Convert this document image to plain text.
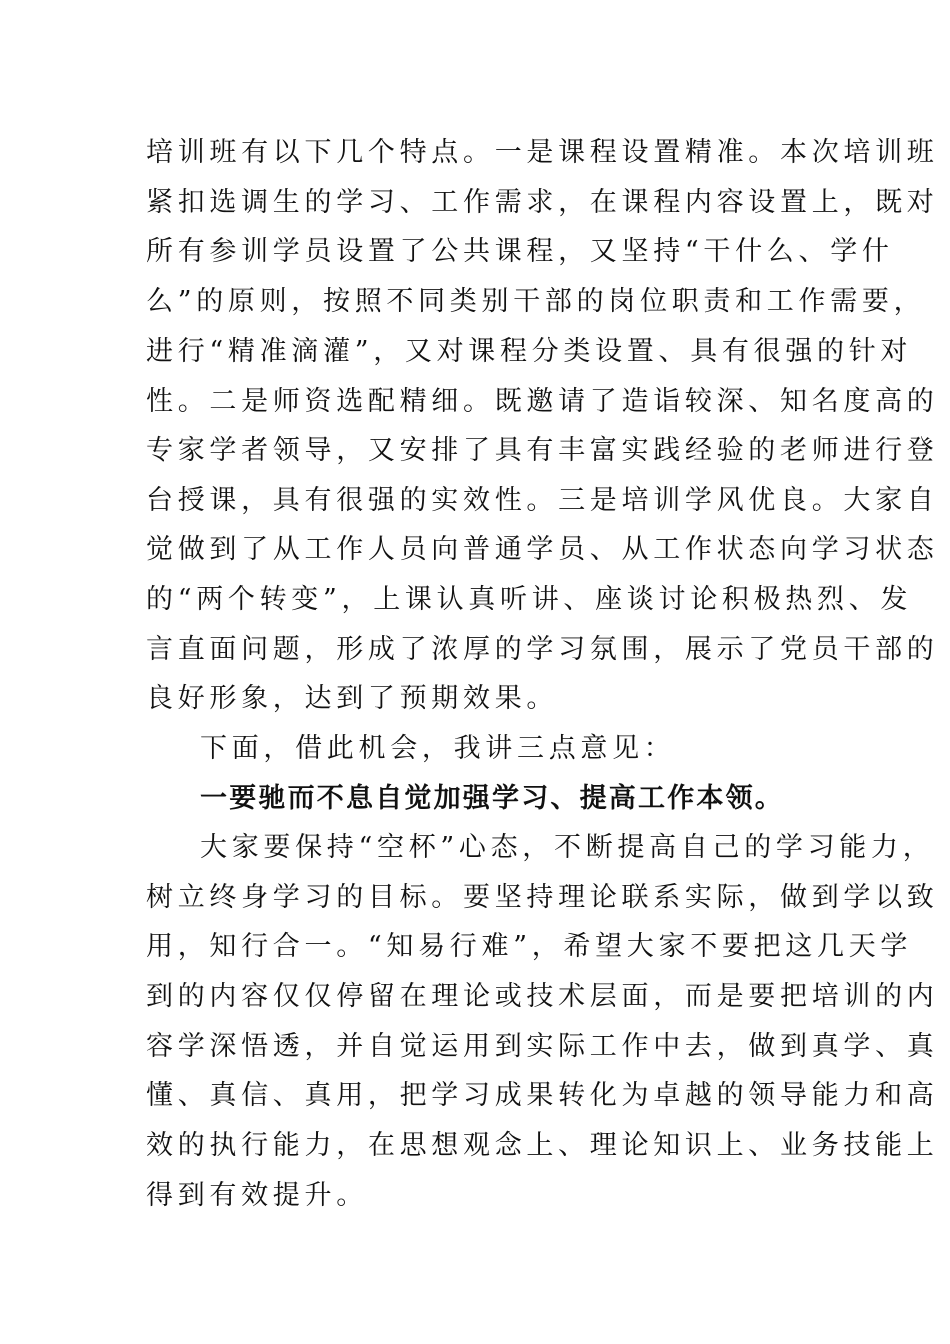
培训班有以下几个特点。一是课程设置精准。本次培训班
紧扣选调生的学习、工作需求，在课程内容设置上，既对
所有参训学员设置了公共课程，又坚持“干什么、学什
么”的原则，按照不同类别干部的岗位职责和工作需要，
进行“精准滴灌”，又对课程分类设置、具有很强的针对
性。二是师资选配精细。既邀请了造诣较深、知名度高的
专家学者领导，又安排了具有丰富实践经验的老师进行登
台授课，具有很强的实效性。三是培训学风优良。大家自
觉做到了从工作人员向普通学员、从工作状态向学习状态
的“两个转变”，上课认真听讲、座谈讨论积极热烈、发
言直面问题，形成了浓厚的学习氛围，展示了党员干部的
良好形象，达到了预期效果。
下面，借此机会，我讲三点意见：
一要驰而不息自觉加强学习、提高工作本领。
大家要保持“空杯”心态，不断提高自己的学习能力，
树立终身学习的目标。要坚持理论联系实际，做到学以致
用，知行合一。“知易行难”，希望大家不要把这几天学
到的内容仅仅停留在理论或技术层面，而是要把培训的内
容学深悟透，并自觉运用到实际工作中去，做到真学、真
懂、真信、真用，把学习成果转化为卓越的领导能力和高
效的执行能力，在思想观念上、理论知识上、业务技能上
得到有效提升。
